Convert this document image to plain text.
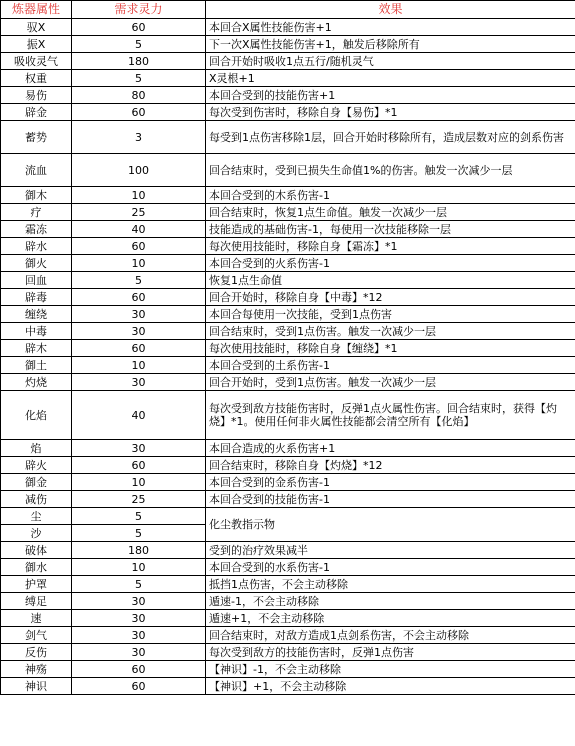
炼器属性	需求灵力	效果
驭X	60	本回合X属性技能伤害+1
振X	5	下一次X属性技能伤害+1，触发后移除所有
吸收灵气	180	回合开始时吸收1点五行/随机灵气
权重	5	X灵根+1
易伤	80	本回合受到的技能伤害+1
辟金	60	每次受到伤害时，移除自身【易伤】*1
蓄势	3	每受到1点伤害移除1层，回合开始时移除所有，造成层数对应的剑系伤害
流血	100	回合结束时，受到已损失生命值1%的伤害。触发一次减少一层
御木	10	本回合受到的木系伤害-1
疗	25	回合结束时，恢复1点生命值。触发一次减少一层
霜冻	40	技能造成的基础伤害-1，每使用一次技能移除一层
辟水	60	每次使用技能时，移除自身【霜冻】*1
御火	10	本回合受到的火系伤害-1
回血	5	恢复1点生命值
辟毒	60	回合开始时，移除自身【中毒】*12
缠绕	30	本回合每使用一次技能，受到1点伤害
中毒	30	回合结束时，受到1点伤害。触发一次减少一层
辟木	60	每次使用技能时，移除自身【缠绕】*1
御土	10	本回合受到的土系伤害-1
灼烧	30	回合开始时，受到1点伤害。触发一次减少一层
化焰	40	每次受到敌方技能伤害时，反弹1点火属性伤害。回合结束时，获得【灼烧】*1。使用任何非火属性技能都会清空所有【化焰】
焰	30	本回合造成的火系伤害+1
辟火	60	回合结束时，移除自身【灼烧】*12
御金	10	本回合受到的金系伤害-1
减伤	25	本回合受到的技能伤害-1
尘	5	化尘教指示物
沙	5	
破体	180	受到的治疗效果减半
御水	10	本回合受到的水系伤害-1
护罩	5	抵挡1点伤害，不会主动移除
缚足	30	遁速-1，不会主动移除
速	30	遁速+1，不会主动移除
剑气	30	回合结束时，对敌方造成1点剑系伤害，不会主动移除
反伤	30	每次受到敌方的技能伤害时，反弹1点伤害
神殇	60	【神识】-1，不会主动移除
神识	60	【神识】+1，不会主动移除
